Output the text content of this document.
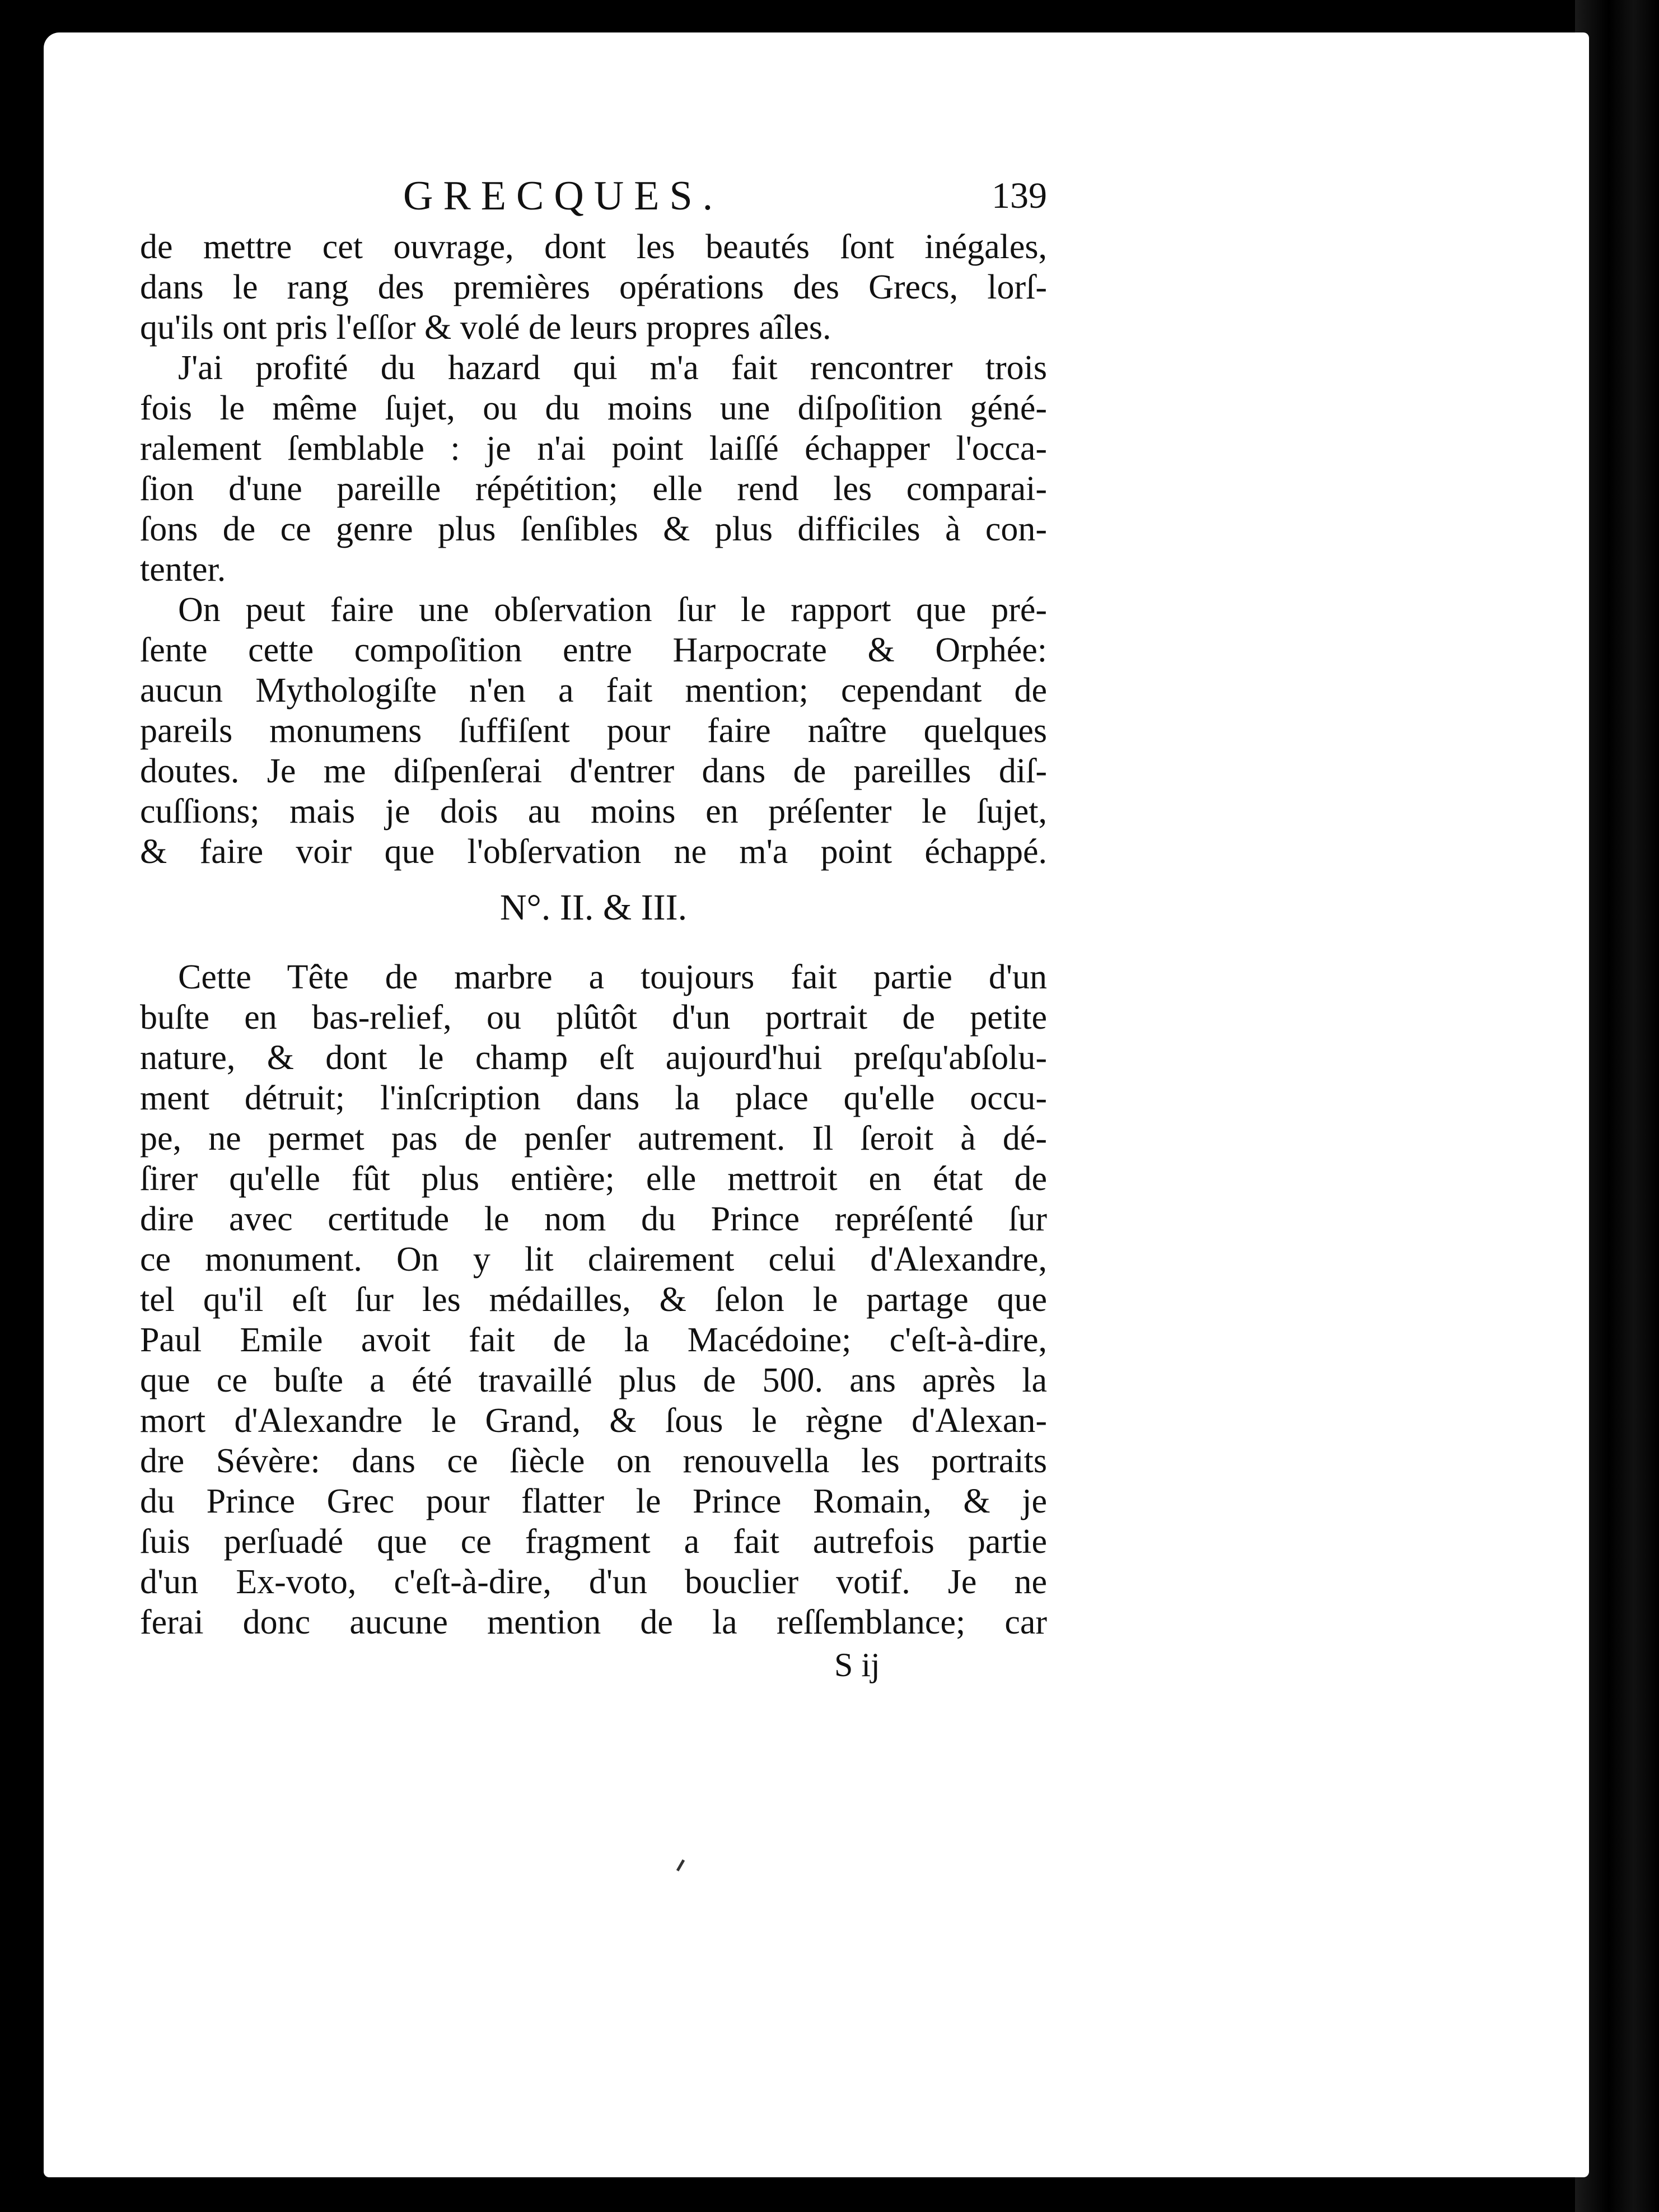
GRECQUES.	139

de mettre cet ouvrage, dont les beautés ſont inégales,
dans le rang des premières opérations des Grecs, lorſ-
qu'ils ont pris l'eſſor & volé de leurs propres aîles.

J'ai profité du hazard qui m'a fait rencontrer trois
fois le même ſujet, ou du moins une diſpoſition géné-
ralement ſemblable : je n'ai point laiſſé échapper l'occa-
ſion d'une pareille répétition; elle rend les comparai-
ſons de ce genre plus ſenſibles & plus difficiles à con-
tenter.

On peut faire une obſervation ſur le rapport que pré-
ſente cette compoſition entre Harpocrate & Orphée:
aucun Mythologiſte n'en a fait mention; cependant de
pareils monumens ſuffiſent pour faire naître quelques
doutes. Je me diſpenſerai d'entrer dans de pareilles diſ-
cuſſions; mais je dois au moins en préſenter le ſujet,
& faire voir que l'obſervation ne m'a point échappé.

N°. II. & III.

Cette Tête de marbre a toujours fait partie d'un
buſte en bas-relief, ou plûtôt d'un portrait de petite
nature, & dont le champ eſt aujourd'hui preſqu'abſolu-
ment détruit; l'inſcription dans la place qu'elle occu-
pe, ne permet pas de penſer autrement. Il ſeroit à dé-
ſirer qu'elle fût plus entière; elle mettroit en état de
dire avec certitude le nom du Prince repréſenté ſur
ce monument. On y lit clairement celui d'Alexandre,
tel qu'il eſt ſur les médailles, & ſelon le partage que
Paul Emile avoit fait de la Macédoine; c'eſt-à-dire,
que ce buſte a été travaillé plus de 500. ans après la
mort d'Alexandre le Grand, & ſous le règne d'Alexan-
dre Sévère: dans ce ſiècle on renouvella les portraits
du Prince Grec pour flatter le Prince Romain, & je
ſuis perſuadé que ce fragment a fait autrefois partie
d'un Ex-voto, c'eſt-à-dire, d'un bouclier votif. Je ne
ferai donc aucune mention de la reſſemblance; car

S ij
